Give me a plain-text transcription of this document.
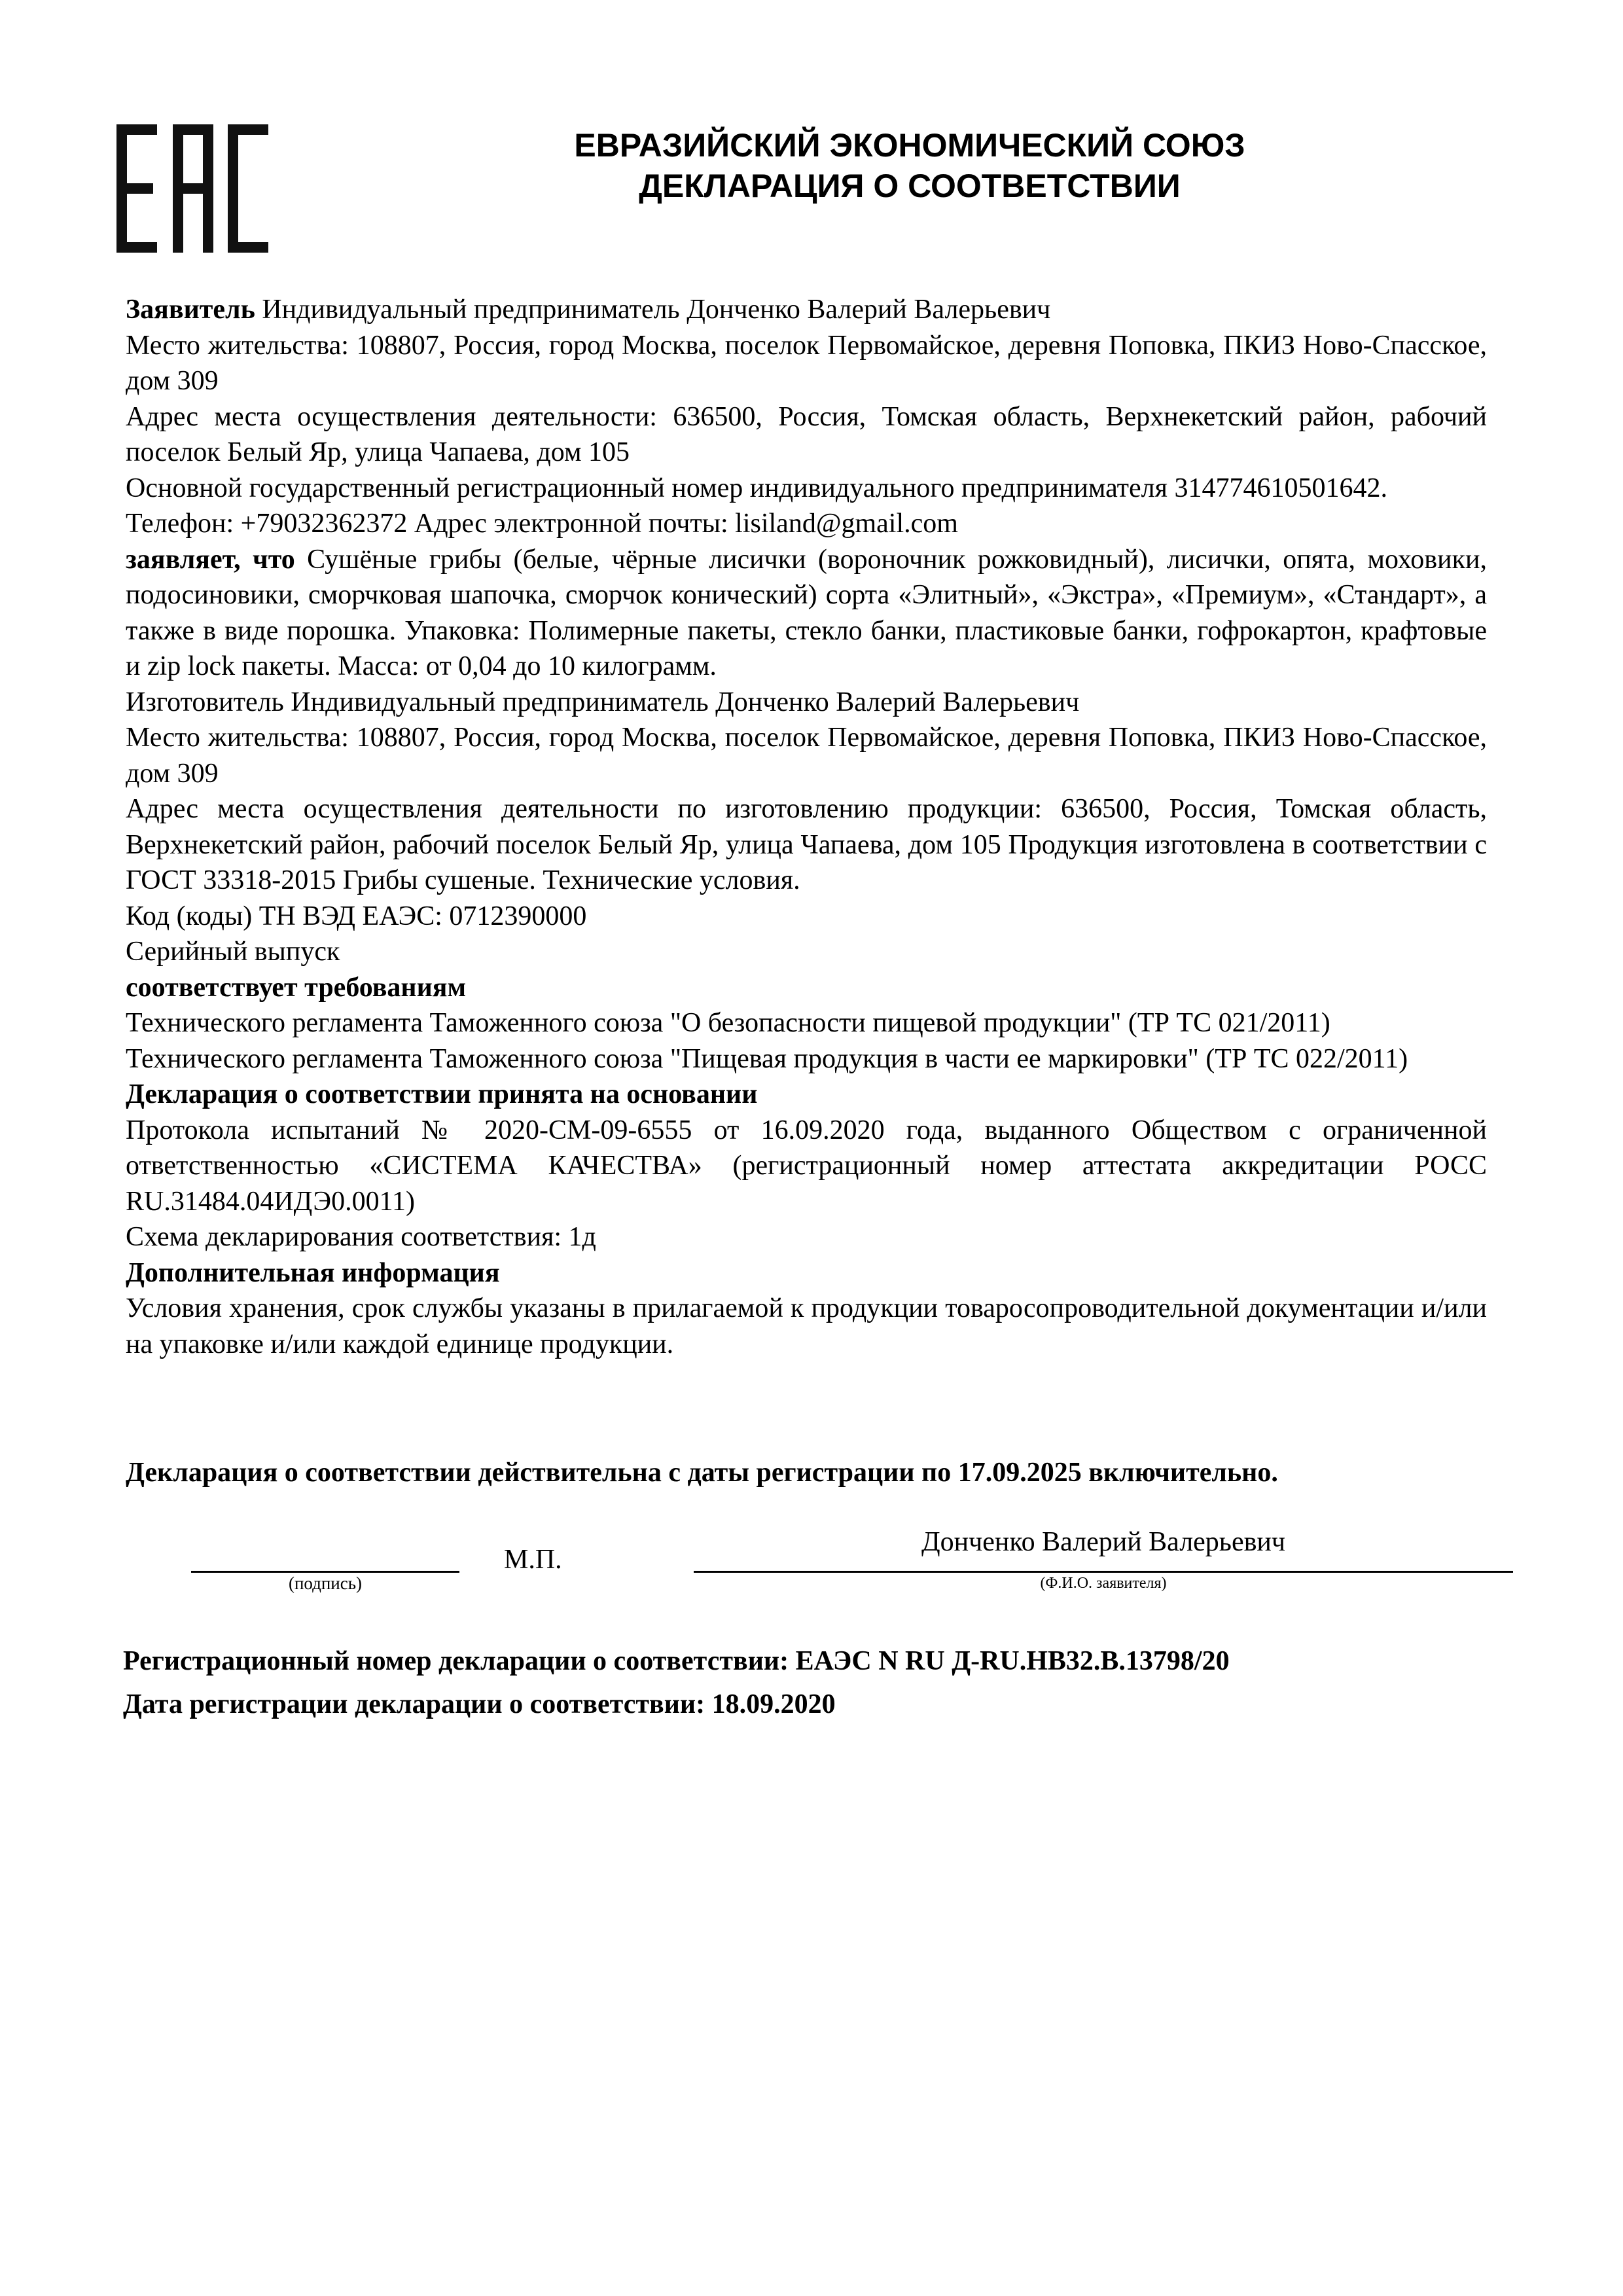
ЕВРАЗИЙСКИЙ ЭКОНОМИЧЕСКИЙ СОЮЗ
ДЕКЛАРАЦИЯ О СООТВЕТСТВИИ

Заявитель Индивидуальный предприниматель Донченко Валерий Валерьевич

Место жительства: 108807, Россия, город Москва, поселок Первомайское, деревня Поповка, ПКИЗ Ново-Спасское, дом 309

Адрес места осуществления деятельности: 636500, Россия, Томская область, Верхнекетский район, рабочий поселок Белый Яр, улица Чапаева, дом 105

Основной государственный регистрационный номер индивидуального предпринимателя 314774610501642.

Телефон: +79032362372 Адрес электронной почты: lisiland@gmail.com

заявляет, что Сушёные грибы (белые, чёрные лисички (вороночник рожковидный), лисички, опята, моховики, подосиновики, сморчковая шапочка, сморчок конический) сорта «Элитный», «Экстра», «Премиум», «Стандарт», а также в виде порошка. Упаковка: Полимерные пакеты, стекло банки, пластиковые банки, гофрокартон, крафтовые и zip lock пакеты. Масса: от 0,04 до 10 килограмм.

Изготовитель Индивидуальный предприниматель Донченко Валерий Валерьевич

Место жительства: 108807, Россия, город Москва, поселок Первомайское, деревня Поповка, ПКИЗ Ново-Спасское, дом 309

Адрес места осуществления деятельности по изготовлению продукции: 636500, Россия, Томская область, Верхнекетский район, рабочий поселок Белый Яр, улица Чапаева, дом 105 Продукция изготовлена в соответствии с ГОСТ 33318-2015 Грибы сушеные. Технические условия.

Код (коды) ТН ВЭД ЕАЭС: 0712390000

Серийный выпуск

соответствует требованиям

Технического регламента Таможенного союза "О безопасности пищевой продукции" (ТР ТС 021/2011)

Технического регламента Таможенного союза "Пищевая продукция в части ее маркировки" (ТР ТС 022/2011)

Декларация о соответствии принята на основании

Протокола испытаний № 2020-СМ-09-6555 от 16.09.2020 года, выданного Обществом с ограниченной ответственностью «СИСТЕМА КАЧЕСТВА» (регистрационный номер аттестата аккредитации РОСС RU.31484.04ИДЭ0.0011)

Схема декларирования соответствия: 1д

Дополнительная информация

Условия хранения, срок службы указаны в прилагаемой к продукции товаросопроводительной документации и/или на упаковке и/или каждой единице продукции.

Декларация о соответствии действительна с даты регистрации по 17.09.2025 включительно.
(подпись)
М.П.
Донченко Валерий Валерьевич
(Ф.И.О. заявителя)
Регистрационный номер декларации о соответствии: ЕАЭС N RU Д-RU.НВ32.В.13798/20
Дата регистрации декларации о соответствии: 18.09.2020
